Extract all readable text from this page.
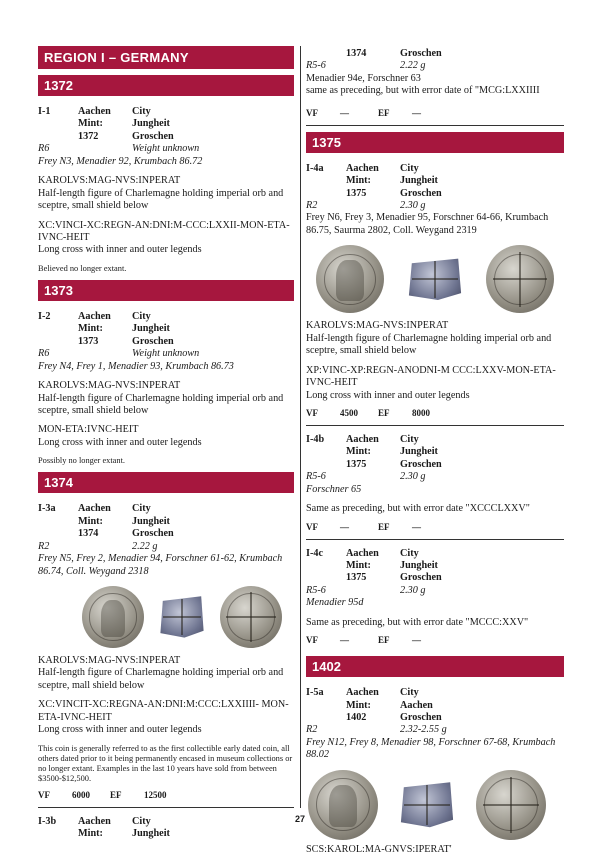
REGION I – GERMANY
1372
I-1	Aachen	City
Mint:	Jungheit
1372	Groschen
R6	Weight unknown
Frey N3, Menadier 92, Krumbach 86.72
KAROLVS:MAG-NVS:INPERAT
Half-length figure of Charlemagne holding imperial orb and sceptre, small shield below
XC:VINCI-XC:REGN-AN:DNI:M-CCC:LXXII-MON-ETA-IVNC-HEIT
Long cross with inner and outer legends
Believed no longer extant.
1373
I-2	Aachen	City
Mint:	Jungheit
1373	Groschen
R6	Weight unknown
Frey N4, Frey 1, Menadier 93, Krumbach 86.73
KAROLVS:MAG-NVS:INPERAT
Half-length figure of Charlemagne holding imperial orb and sceptre, small shield below
MON-ETA:IVNC-HEIT
Long cross with inner and outer legends
Possibly no longer extant.
1374
I-3a	Aachen	City
Mint:	Jungheit
1374	Groschen
R2	2.22 g
Frey N5, Frey 2, Menadier 94, Forschner 61-62, Krumbach 86.74, Coll. Weygand 2318
KAROLVS:MAG-NVS:INPERAT
Half-length figure of Charlemagne holding imperial orb and sceptre, mall shield below
XC:VINCIT-XC:REGNA-AN:DNI:M:CCC:LXXIIII- MON-ETA-IVNC-HEIT
Long cross with inner and outer legends
This coin is generally referred to as the first collectible early dated coin, all others dated prior to it being permanently encased in museum collections or no longer extant. Examples in the last 10 years have sold from between $3500-$12,500.
VF	6000	EF	12500
I-3b	Aachen	City
Mint:	Jungheit
1374	Groschen
R5-6	2.22 g
Menadier 94e, Forschner 63
same as preceding, but with error date of "MCG:LXXIIII
VF	—	EF	—
1375
I-4a	Aachen	City
Mint:	Jungheit
1375	Groschen
R2	2.30 g
Frey N6, Frey 3, Menadier 95, Forschner 64-66, Krumbach 86.75, Saurma 2802, Coll. Weygand 2319
KAROLVS:MAG-NVS:INPERAT
Half-length figure of Charlemagne holding imperial orb and sceptre, small shield below
XP:VINC-XP:REGN-ANODNI-M CCC:LXXV-MON-ETA-IVNC-HEIT
Long cross with inner and outer legends
VF	4500	EF	8000
I-4b	Aachen	City
Mint:	Jungheit
1375	Groschen
R5-6	2.30 g
Forschner 65
Same as preceding, but with error date "XCCCLXXV"
VF	—	EF	—
I-4c	Aachen	City
Mint:	Jungheit
1375	Groschen
R5-6	2.30 g
Menadier 95d
Same as preceding, but with error date "MCCC:XXV"
VF	—	EF	—
1402
I-5a	Aachen	City
Mint:	Aachen
1402	Groschen
R2	2.32-2.55 g
Frey N12, Frey 8, Menadier 98, Forschner 67-68, Krumbach 88.02
SCS:KAROL:MA-GNVS:IPERAT'
27
